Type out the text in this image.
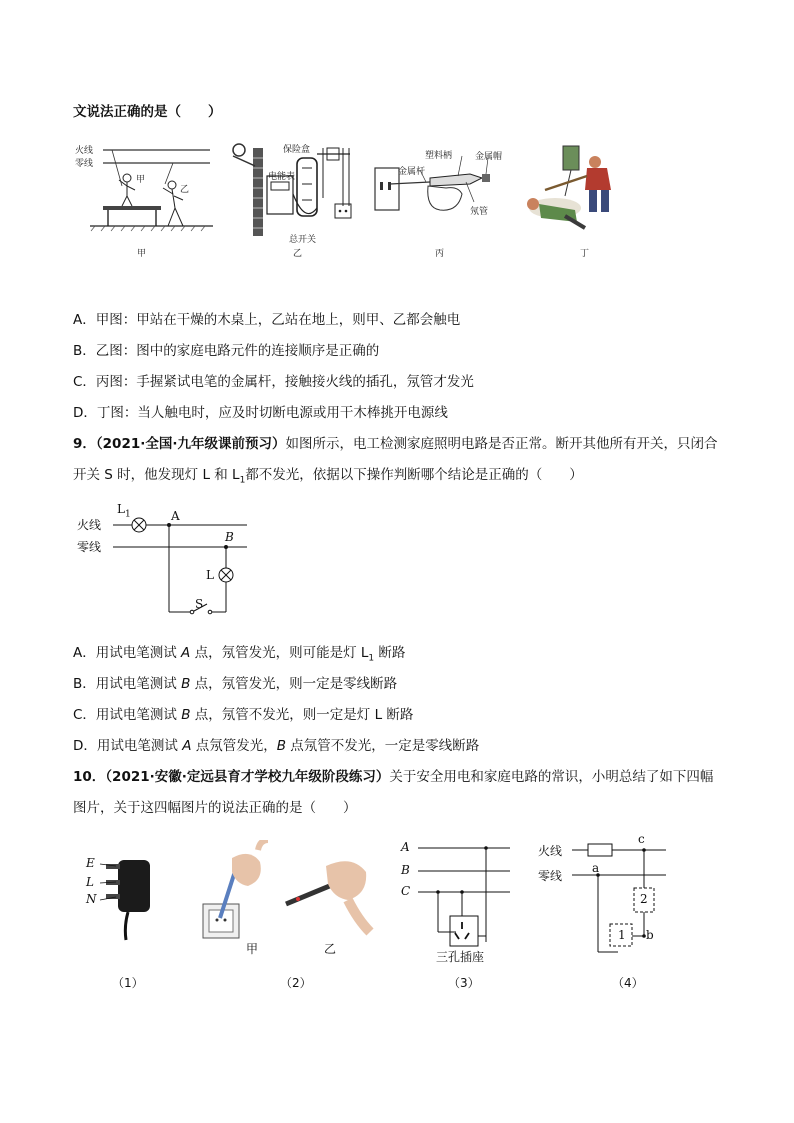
文说法正确的是（　　）
火线
零线
甲
乙
保险盒
电能表
总开关
塑料柄	金属帽
金属杆
氖管
甲	乙	丙	丁
A．甲图：甲站在干燥的木桌上，乙站在地上，则甲、乙都会触电
B．乙图：图中的家庭电路元件的连接顺序是正确的
C．丙图：手握紧试电笔的金属杆，接触接火线的插孔，氖管才发光
D．丁图：当人触电时，应及时切断电源或用干木棒挑开电源线
9．（2021·全国·九年级课前预习）如图所示，电工检测家庭照明电路是否正常。断开其他所有开关，只闭合
开关 S 时，他发现灯 L 和 $L_1$都不发光，依据以下操作判断哪个结论是正确的（　　）
火线
零线
$L_1$	A
B
L
S
A．用试电笔测试 A 点，氖管发光，则可能是灯 $L_1$ 断路
B．用试电笔测试 B 点，氖管发光，则一定是零线断路
C．用试电笔测试 B 点，氖管不发光，则一定是灯 L 断路
D．用试电笔测试 A 点氖管发光，B 点氖管不发光，一定是零线断路
10．（2021·安徽·定远县育才学校九年级阶段练习）关于安全用电和家庭电路的常识，小明总结了如下四幅
图片，关于这四幅图片的说法正确的是（　　）
E
L
N
甲	乙
A
B
C
三孔插座
火线
零线
a
b
c
1
2
（1）	（2）	（3）	（4）
